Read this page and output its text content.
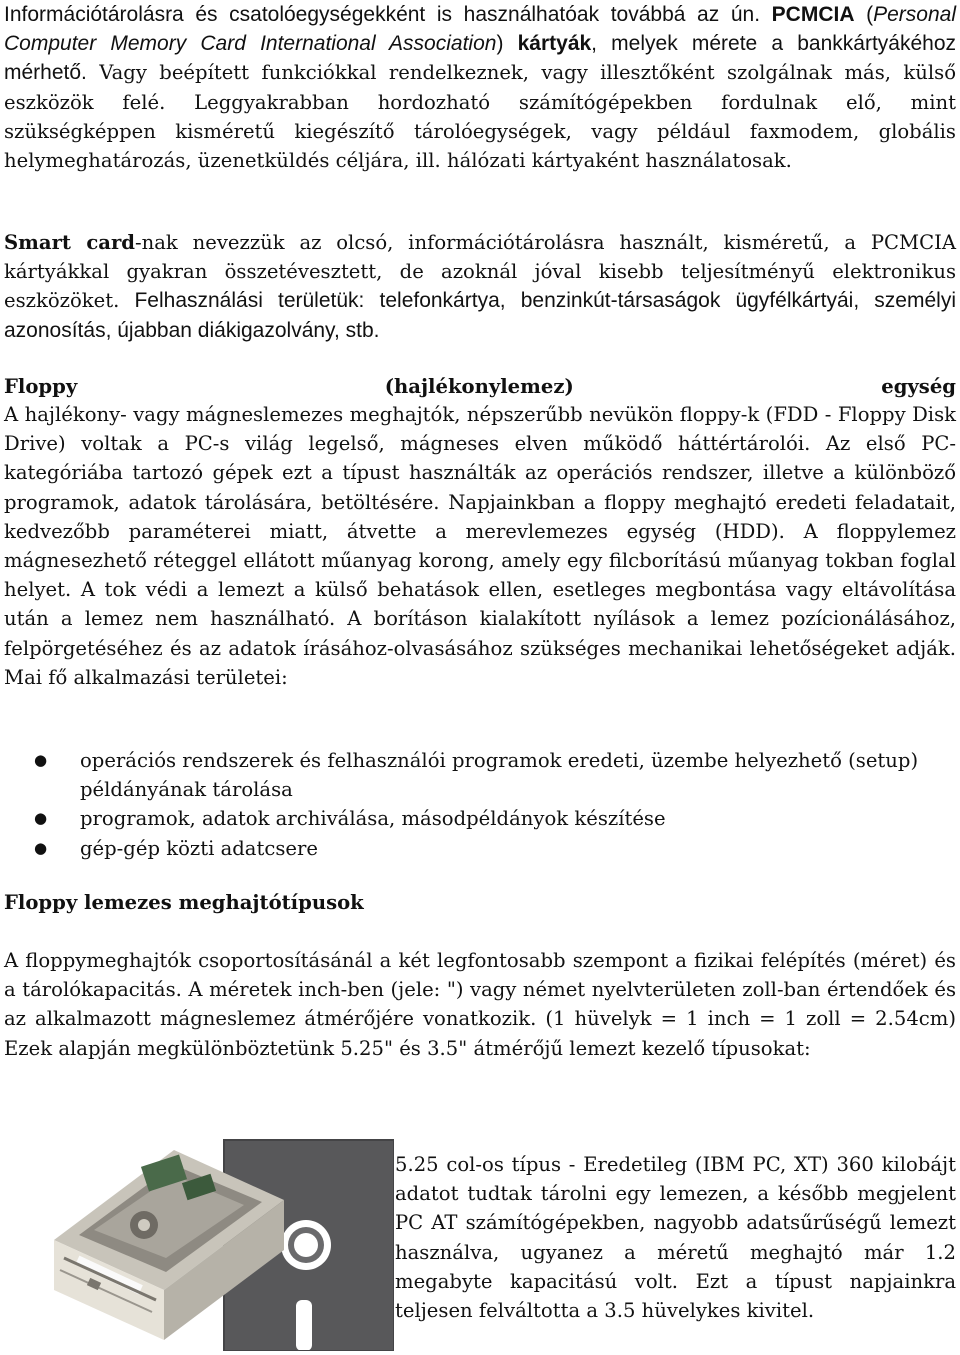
Információtárolásra és csatolóegységekként is használhatóak továbbá az ún. PCMCIA (Personal Computer Memory Card International Association) kártyák, melyek mérete a bankkártyákéhoz mérhető. Vagy beépített funkciókkal rendelkeznek, vagy illesztőként szolgálnak más, külső eszközök felé. Leggyakrabban hordozható számítógépekben fordulnak elő, mint szükségképpen kisméretű kiegészítő tárolóegységek, vagy például faxmodem, globális helymeghatározás, üzenetküldés céljára, ill. hálózati kártyaként használatosak.

Smart card-nak nevezzük az olcsó, információtárolásra használt, kisméretű, a PCMCIA kártyákkal gyakran összetévesztett, de azoknál jóval kisebb teljesítményű elektronikus eszközöket. Felhasználási területük: telefonkártya, benzinkút-társaságok ügyfélkártyái, személyi azonosítás, újabban diákigazolvány, stb.

Floppy	(hajlékonylemez)	egység

A hajlékony- vagy mágneslemezes meghajtók, népszerűbb nevükön floppy-k (FDD - Floppy Disk Drive) voltak a PC-s világ legelső, mágneses elven működő háttértárolói. Az első PC-kategóriába tartozó gépek ezt a típust használták az operációs rendszer, illetve a különböző programok, adatok tárolására, betöltésére. Napjainkban a floppy meghajtó eredeti feladatait, kedvezőbb paraméterei miatt, átvette a merevlemezes egység (HDD). A floppylemez mágnesezhető réteggel ellátott műanyag korong, amely egy filcborítású műanyag tokban foglal helyet. A tok védi a lemezt a külső behatások ellen, esetleges megbontása vagy eltávolítása után a lemez nem használható. A borításon kialakított nyílások a lemez pozícionálásához, felpörgetéséhez és az adatok írásához-olvasásához szükséges mechanikai lehetőségeket adják. Mai fő alkalmazási területei:

● operációs rendszerek és felhasználói programok eredeti, üzembe helyezhető (setup) példányának tárolása
● programok, adatok archiválása, másodpéldányok készítése
● gép-gép közti adatcsere
Floppy lemezes meghajtótípusok

A floppymeghajtók csoportosításánál a két legfontosabb szempont a fizikai felépítés (méret) és a tárolókapacitás. A méretek inch-ben (jele: ") vagy német nyelvterületen zoll-ban értendőek és az alkalmazott mágneslemez átmérőjére vonatkozik. (1 hüvelyk = 1 inch = 1 zoll = 2.54cm) Ezek alapján megkülönböztetünk 5.25" és 3.5" átmérőjű lemezt kezelő típusokat:

5.25 col-os típus - Eredetileg (IBM PC, XT) 360 kilobájt adatot tudtak tárolni egy lemezen, a később megjelent PC AT számítógépekben, nagyobb adatsűrűségű lemezt használva, ugyanez a méretű meghajtó már 1.2 megabyte kapacitású volt. Ezt a típust napjainkra teljesen felváltotta a 3.5 hüvelykes kivitel.
